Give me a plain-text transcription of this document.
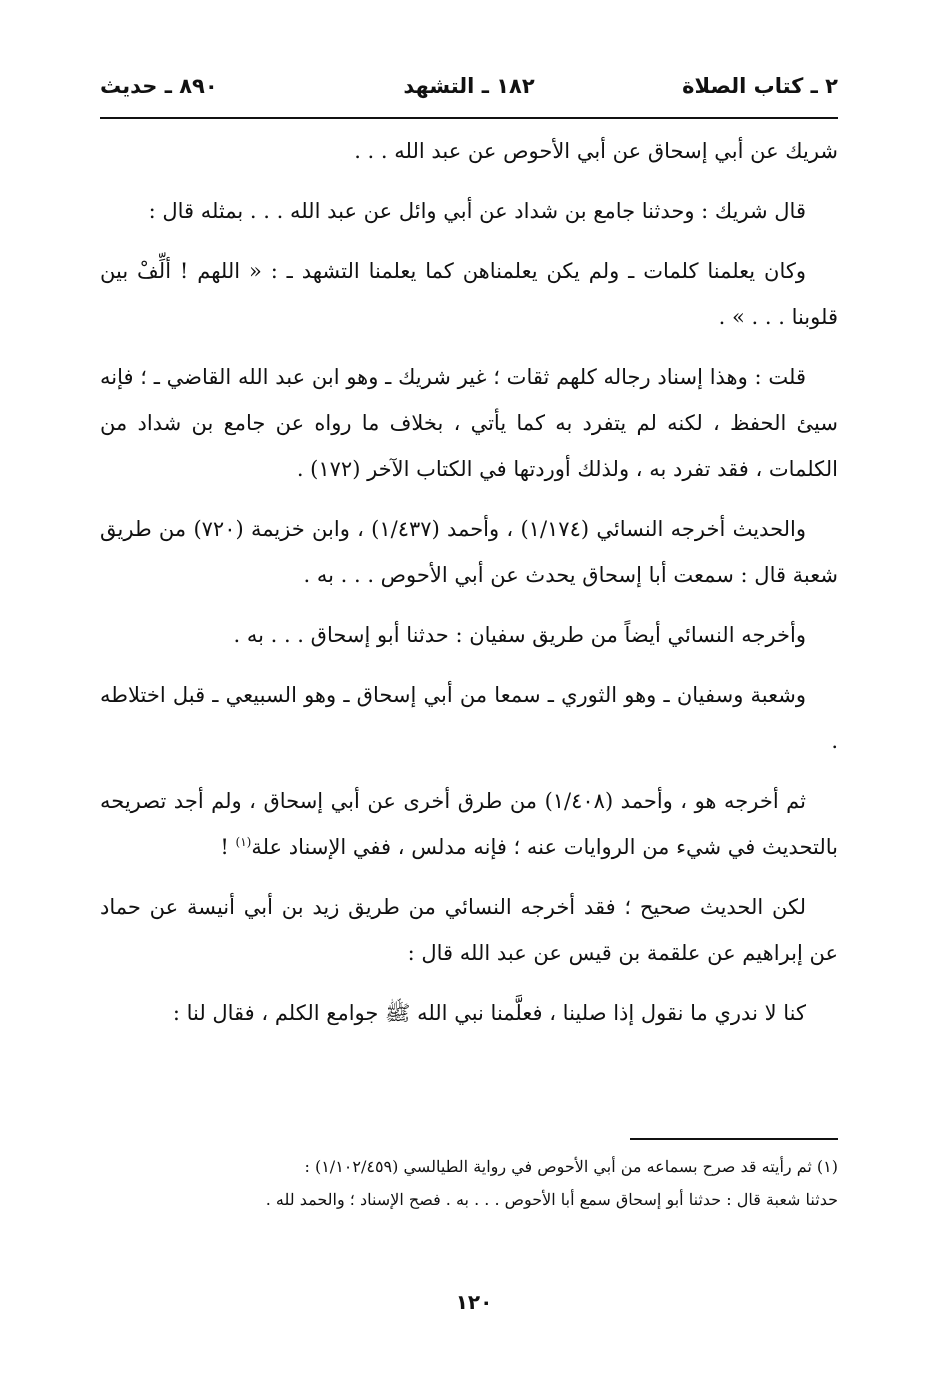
٢ ـ كتاب الصلاة
١٨٢ ـ التشهد
٨٩٠ ـ حديث

شريك عن أبي إسحاق عن أبي الأحوص عن عبد الله . . .

قال شريك : وحدثنا جامع بن شداد عن أبي وائل عن عبد الله . . . بمثله قال :

وكان يعلمنا كلمات ـ ولم يكن يعلمناهن كما يعلمنا التشهد ـ : « اللهم ! ألِّفْ بين قلوبنا . . . » .

قلت : وهذا إسناد رجاله كلهم ثقات ؛ غير شريك ـ وهو ابن عبد الله القاضي ـ ؛ فإنه سيئ الحفظ ، لكنه لم يتفرد به كما يأتي ، بخلاف ما رواه عن جامع بن شداد من الكلمات ، فقد تفرد به ، ولذلك أوردتها في الكتاب الآخر (١٧٢) .

والحديث أخرجه النسائي (١/١٧٤) ، وأحمد (١/٤٣٧) ، وابن خزيمة (٧٢٠) من طريق شعبة قال : سمعت أبا إسحاق يحدث عن أبي الأحوص . . . به .

وأخرجه النسائي أيضاً من طريق سفيان : حدثنا أبو إسحاق . . . به .

وشعبة وسفيان ـ وهو الثوري ـ سمعا من أبي إسحاق ـ وهو السبيعي ـ قبل اختلاطه .

ثم أخرجه هو ، وأحمد (١/٤٠٨) من طرق أخرى عن أبي إسحاق ، ولم أجد تصريحه بالتحديث في شيء من الروايات عنه ؛ فإنه مدلس ، ففي الإسناد علة$^{(١)}$ !

لكن الحديث صحيح ؛ فقد أخرجه النسائي من طريق زيد بن أبي أنيسة عن حماد عن إبراهيم عن علقمة بن قيس عن عبد الله قال :

كنا لا ندري ما نقول إذا صلينا ، فعلَّمنا نبي الله ﷺ جوامع الكلم ، فقال لنا :

(١) ثم رأيته قد صرح بسماعه من أبي الأحوص في رواية الطيالسي (١/١٠٢/٤٥٩) :

حدثنا شعبة قال : حدثنا أبو إسحاق سمع أبا الأحوص . . . به . فصح الإسناد ؛ والحمد لله .

١٢٠
